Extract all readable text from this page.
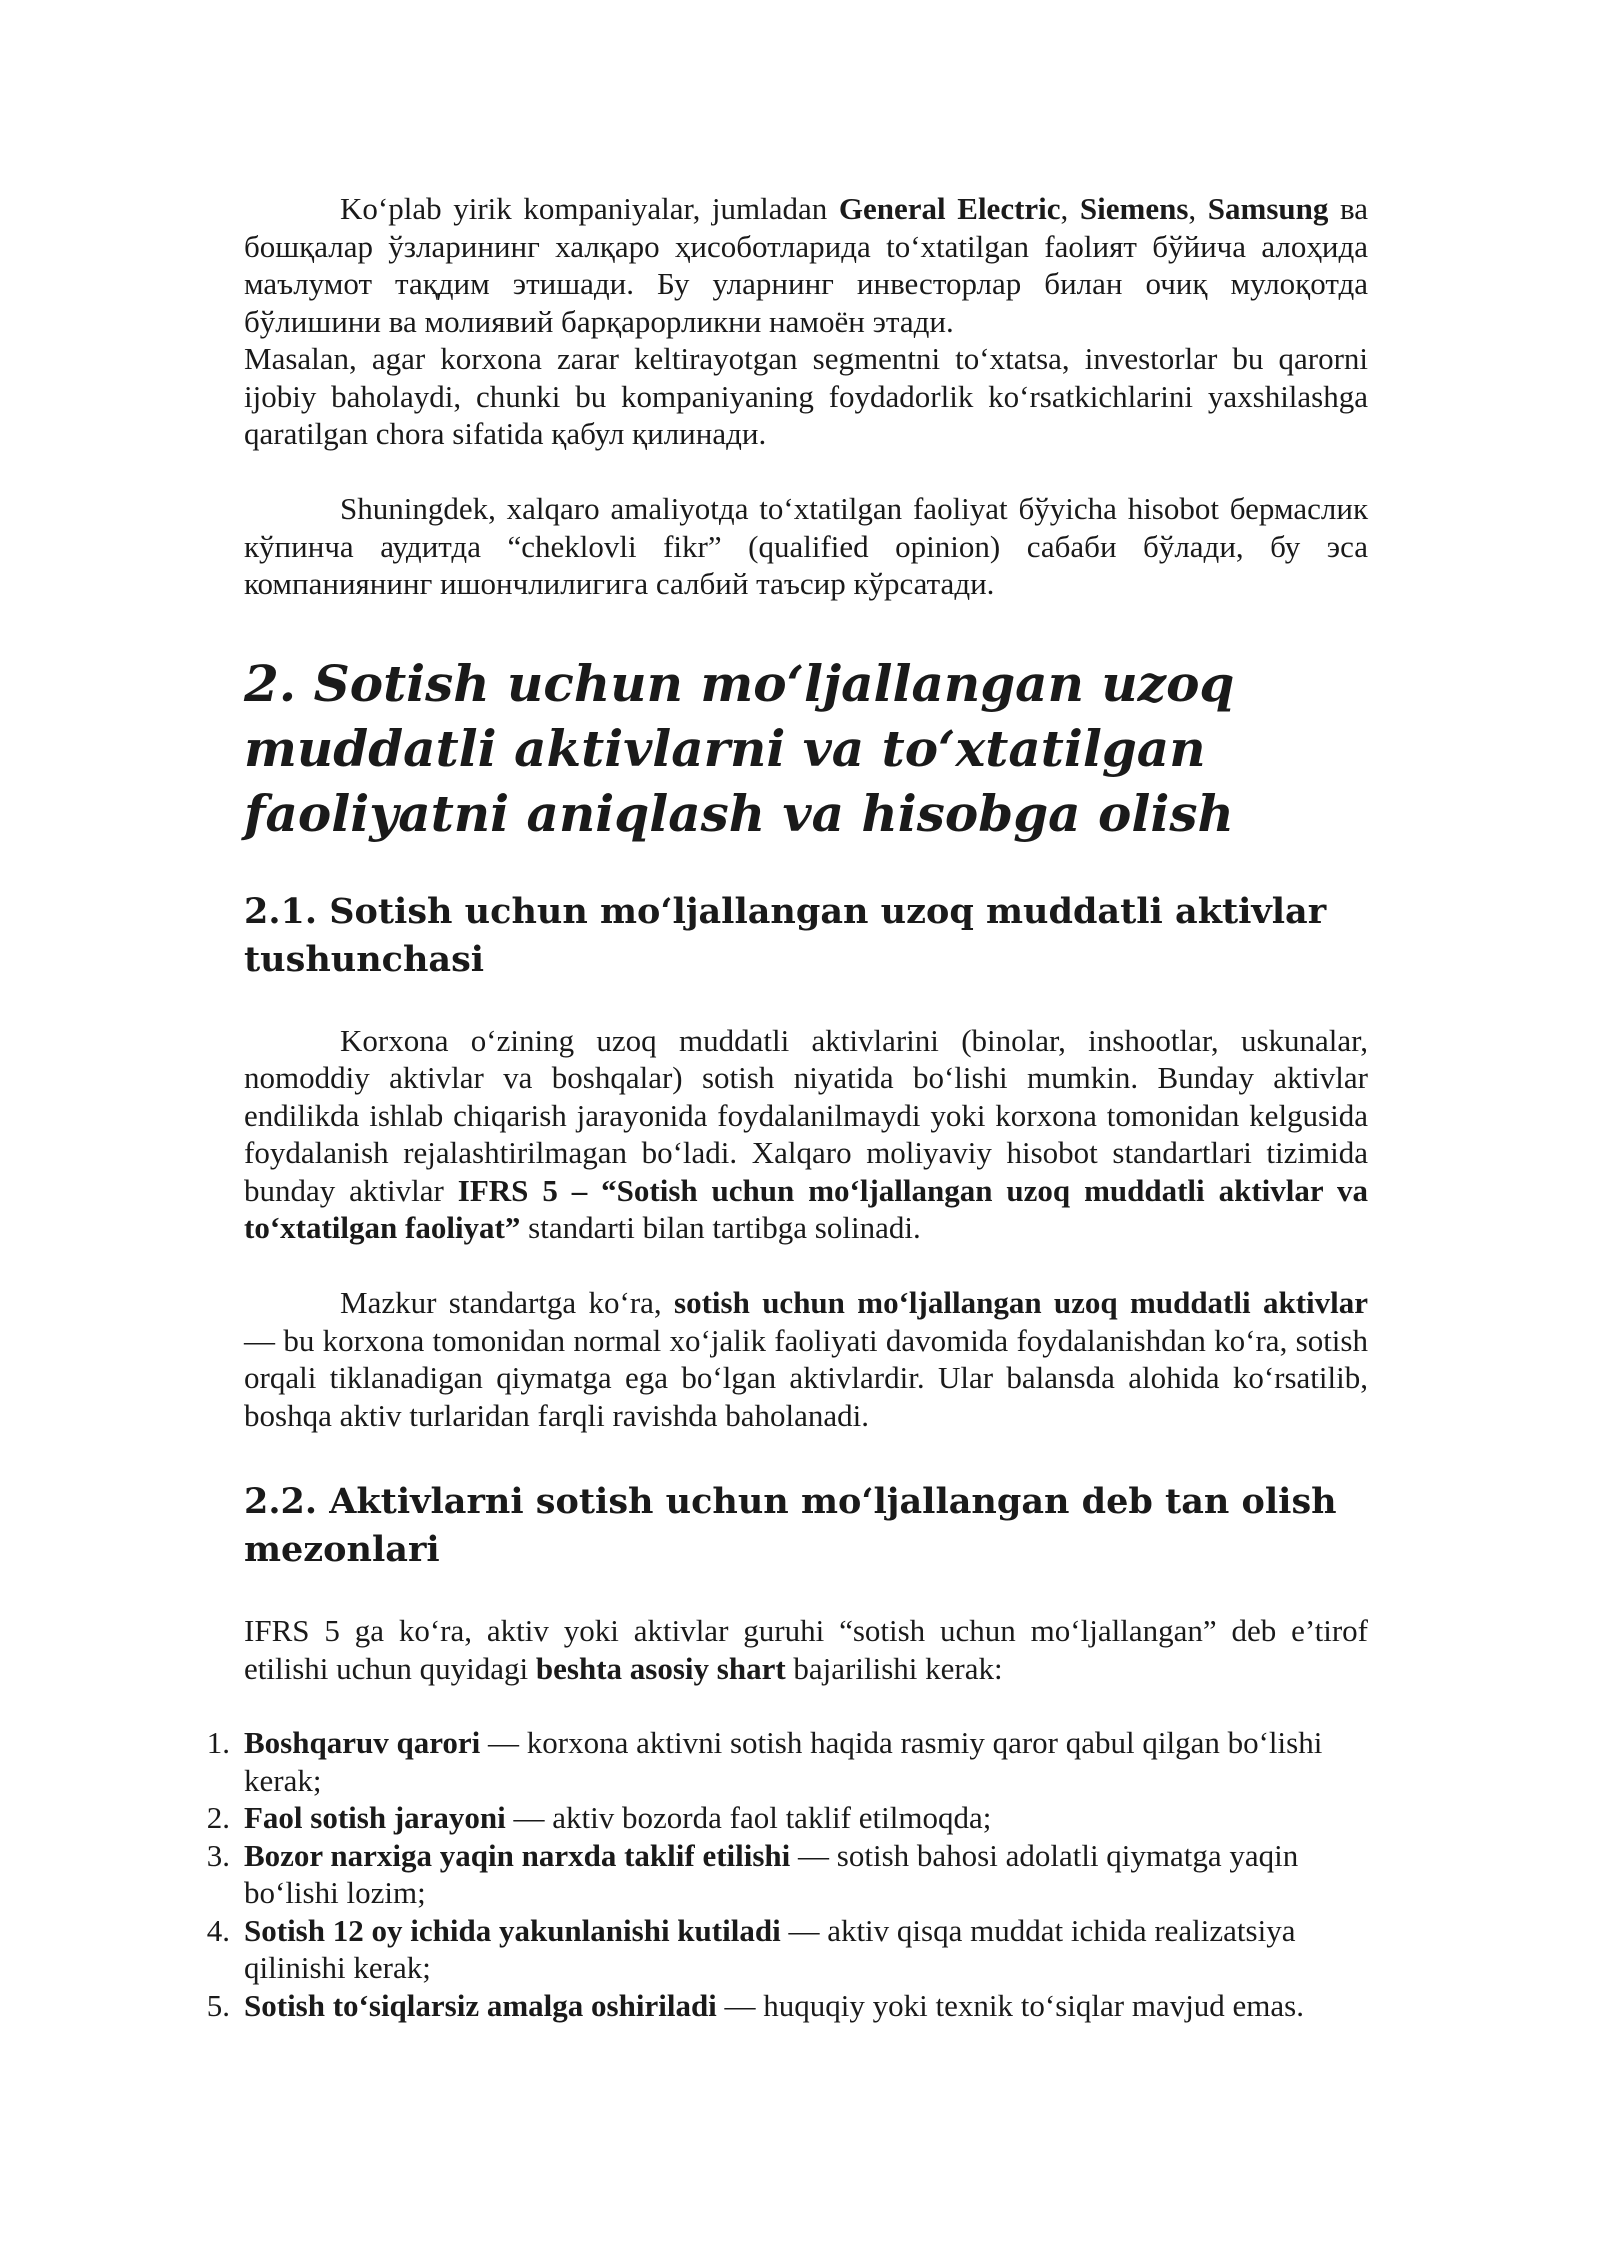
Ko‘plab yirik kompaniyalar, jumladan General Electric, Siemens, Samsung ва бошқалар ўзларининг халқаро ҳисоботларида to‘xtatilgan faolият бўйича алоҳида маълумот тақдим этишади. Бу уларнинг инвесторлар билан очиқ мулоқотда бўлишини ва молиявий барқарорликни намоён этади.

Masalan, agar korxona zarar keltirayotgan segmentni to‘xtatsa, investorlar bu qarorni ijobiy baholaydi, chunki bu kompaniyaning foydadorlik ko‘rsatkichlarini yaxshilashga qaratilgan chora sifatida қабул қилинади.

Shuningdek, xalqaro amaliyotда to‘xtatilgan faoliyat бўyicha hisobot бермаслик кўпинча аудитда “cheklovli fikr” (qualified opinion) сабаби бўлади, бу эса компаниянинг ишончлилигига салбий таъсир кўрсатади.

2. Sotish uchun mo‘ljallangan uzoq muddatli aktivlarni va to‘xtatilgan faoliyatni aniqlash va hisobga olish
2.1. Sotish uchun mo‘ljallangan uzoq muddatli aktivlar tushunchasi

Korxona o‘zining uzoq muddatli aktivlarini (binolar, inshootlar, uskunalar, nomoddiy aktivlar va boshqalar) sotish niyatida bo‘lishi mumkin. Bunday aktivlar endilikda ishlab chiqarish jarayonida foydalanilmaydi yoki korxona tomonidan kelgusida foydalanish rejalashtirilmagan bo‘ladi. Xalqaro moliyaviy hisobot standartlari tizimida bunday aktivlar IFRS 5 – “Sotish uchun mo‘ljallangan uzoq muddatli aktivlar va to‘xtatilgan faoliyat” standarti bilan tartibga solinadi.

Mazkur standartga ko‘ra, sotish uchun mo‘ljallangan uzoq muddatli aktivlar — bu korxona tomonidan normal xo‘jalik faoliyati davomida foydalanishdan ko‘ra, sotish orqali tiklanadigan qiymatga ega bo‘lgan aktivlardir. Ular balansda alohida ko‘rsatilib, boshqa aktiv turlaridan farqli ravishda baholanadi.

2.2. Aktivlarni sotish uchun mo‘ljallangan deb tan olish mezonlari

IFRS 5 ga ko‘ra, aktiv yoki aktivlar guruhi “sotish uchun mo‘ljallangan” deb e’tirof etilishi uchun quyidagi beshta asosiy shart bajarilishi kerak:

1. Boshqaruv qarori — korxona aktivni sotish haqida rasmiy qaror qabul qilgan bo‘lishi kerak;
2. Faol sotish jarayoni — aktiv bozorda faol taklif etilmoqda;
3. Bozor narxiga yaqin narxda taklif etilishi — sotish bahosi adolatli qiymatga yaqin bo‘lishi lozim;
4. Sotish 12 oy ichida yakunlanishi kutiladi — aktiv qisqa muddat ichida realizatsiya qilinishi kerak;
5. Sotish to‘siqlarsiz amalga oshiriladi — huquqiy yoki texnik to‘siqlar mavjud emas.
